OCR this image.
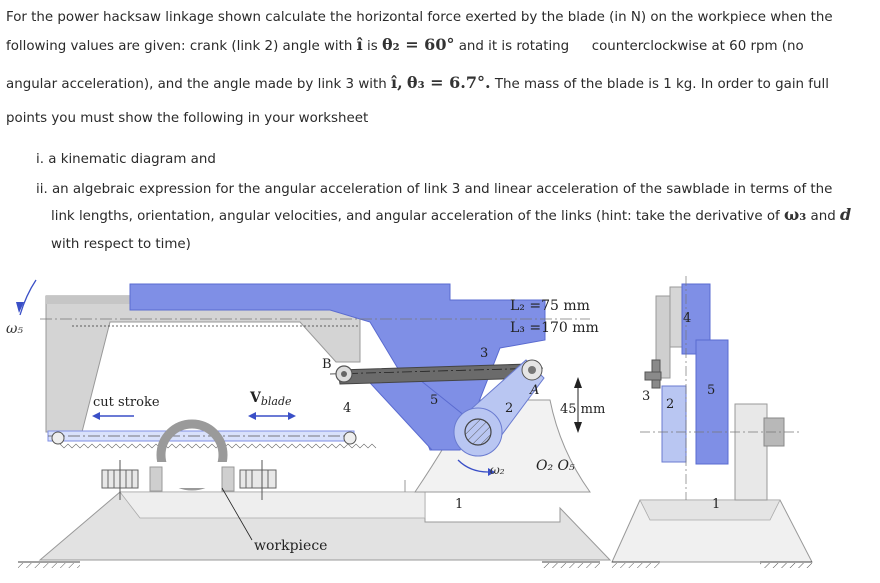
For the power hacksaw linkage shown calculate the horizontal force exerted by the blade (in N) on the workpiece when the
following values are given: crank (link 2) angle with î is θ₂ = 60° and it is rotating counterclockwise at 60 rpm (no
angular acceleration), and the angle made by link 3 with î, θ₃ = 6.7°. The mass of the blade is 1 kg. In order to gain full
points you must show the following in your worksheet
i. a kinematic diagram and
ii. an algebraic expression for the angular acceleration of link 3 and linear acceleration of the sawblade in terms of the
link lengths, orientation, angular velocities, and angular acceleration of the links (hint: take the derivative of ω₃ and d
with respect to time)
ω₅
B
A
ω₂
45 mm
O₂ O₅
L₂ =75 mm
L₃ =170 mm
3
5
2
4
1
cut stroke	$V_{blade}$
workpiece
4
5
3
2
1
